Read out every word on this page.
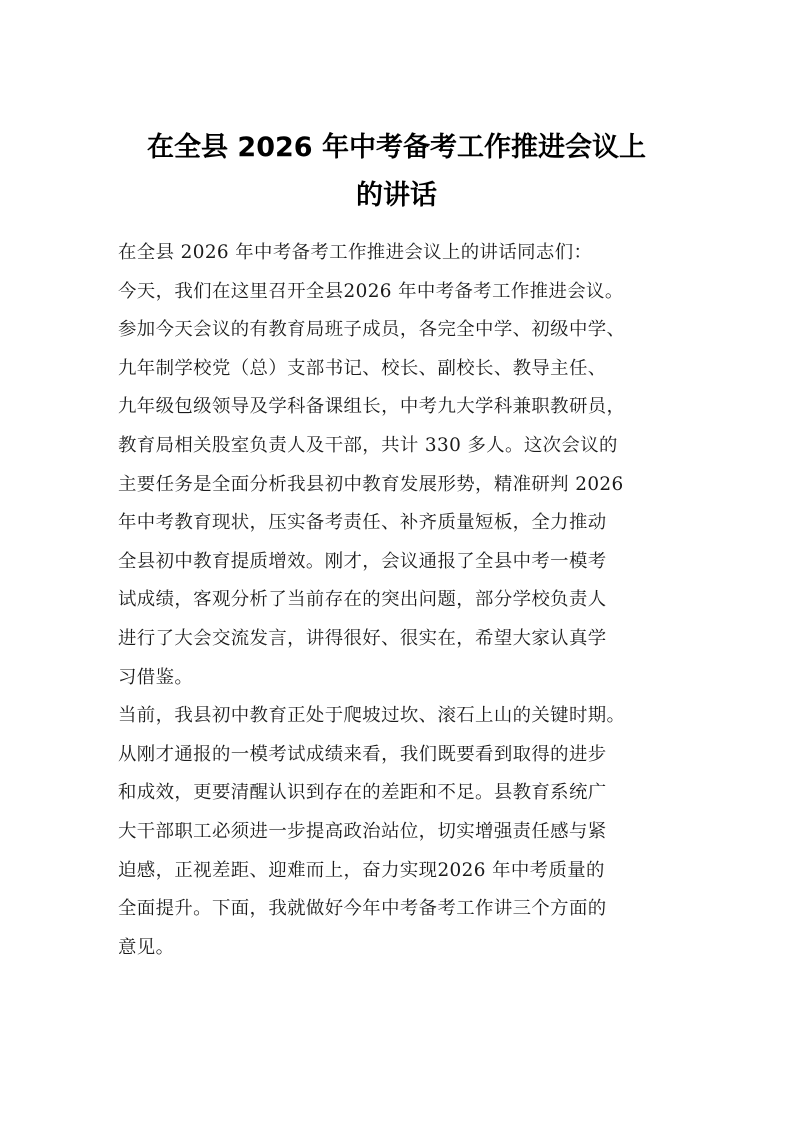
在全县 2026 年中考备考工作推进会议上
的讲话
在全县 2026 年中考备考工作推进会议上的讲话同志们：
今天，我们在这里召开全县2026 年中考备考工作推进会议。
参加今天会议的有教育局班子成员，各完全中学、初级中学、
九年制学校党（总）支部书记、校长、副校长、教导主任、
九年级包级领导及学科备课组长，中考九大学科兼职教研员，
教育局相关股室负责人及干部，共计 330 多人。这次会议的
主要任务是全面分析我县初中教育发展形势，精准研判 2026
年中考教育现状，压实备考责任、补齐质量短板，全力推动
全县初中教育提质增效。刚才，会议通报了全县中考一模考
试成绩，客观分析了当前存在的突出问题，部分学校负责人
进行了大会交流发言，讲得很好、很实在，希望大家认真学
习借鉴。
当前，我县初中教育正处于爬坡过坎、滚石上山的关键时期。
从刚才通报的一模考试成绩来看，我们既要看到取得的进步
和成效，更要清醒认识到存在的差距和不足。县教育系统广
大干部职工必须进一步提高政治站位，切实增强责任感与紧
迫感，正视差距、迎难而上，奋力实现2026 年中考质量的
全面提升。下面，我就做好今年中考备考工作讲三个方面的
意见。
